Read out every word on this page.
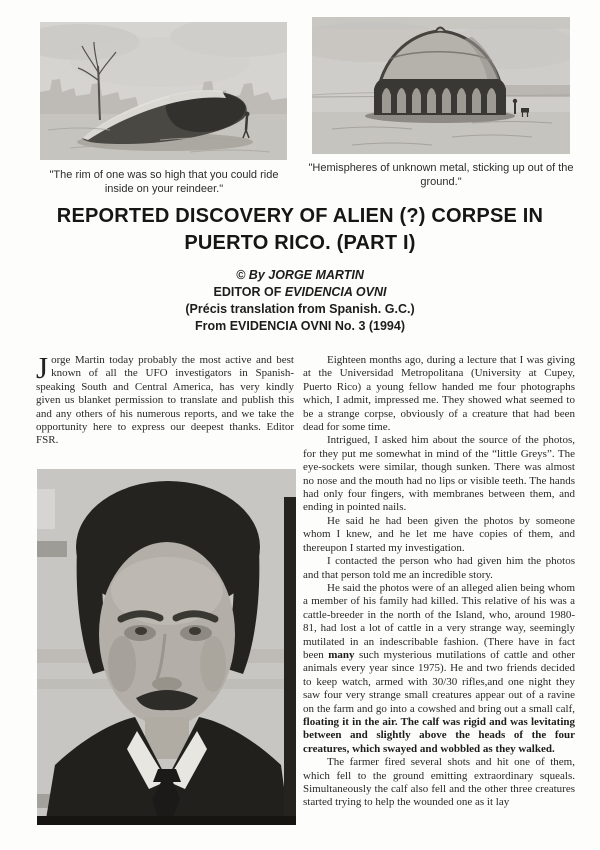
"The rim of one was so high that you could ride inside on your reindeer."
"Hemispheres of unknown metal, sticking up out of the ground."
REPORTED DISCOVERY OF ALIEN (?) CORPSE IN
PUERTO RICO. (PART I)
© By JORGE MARTIN
EDITOR OF EVIDENCIA OVNI
(Précis translation from Spanish. G.C.)
From EVIDENCIA OVNI No. 3 (1994)

Jorge Martin today probably the most active and best known of all the UFO investigators in Spanish-speaking South and Central America, has very kindly given us blanket permission to translate and publish this and any others of his numerous reports, and we take the opportunity here to express our deepest thanks. Editor FSR.

Eighteen months ago, during a lecture that I was giving at the Universidad Metropolitana (University at Cupey, Puerto Rico) a young fellow handed me four photographs which, I admit, impressed me. They showed what seemed to be a strange corpse, obviously of a creature that had been dead for some time.

Intrigued, I asked him about the source of the photos, for they put me somewhat in mind of the “little Greys”. The eye-sockets were similar, though sunken. There was almost no nose and the mouth had no lips or visible teeth. The hands had only four fingers, with membranes between them, and ending in pointed nails.

He said he had been given the photos by someone whom I knew, and he let me have copies of them, and thereupon I started my investigation.

I contacted the person who had given him the photos and that person told me an incredible story.

He said the photos were of an alleged alien being whom a member of his family had killed. This relative of his was a cattle-breeder in the north of the Island, who, around 1980-81, had lost a lot of cattle in a very strange way, seemingly mutilated in an indescribable fashion. (There have in fact been many such mysterious mutilations of cattle and other animals every year since 1975). He and two friends decided to keep watch, armed with 30/30 rifles,and one night they saw four very strange small creatures appear out of a ravine on the farm and go into a cowshed and bring out a small calf, floating it in the air. The calf was rigid and was levitating between and slightly above the heads of the four creatures, which swayed and wobbled as they walked.

The farmer fired several shots and hit one of them, which fell to the ground emitting extraordinary squeals. Simultaneously the calf also fell and the other three creatures started trying to help the wounded one as it lay
